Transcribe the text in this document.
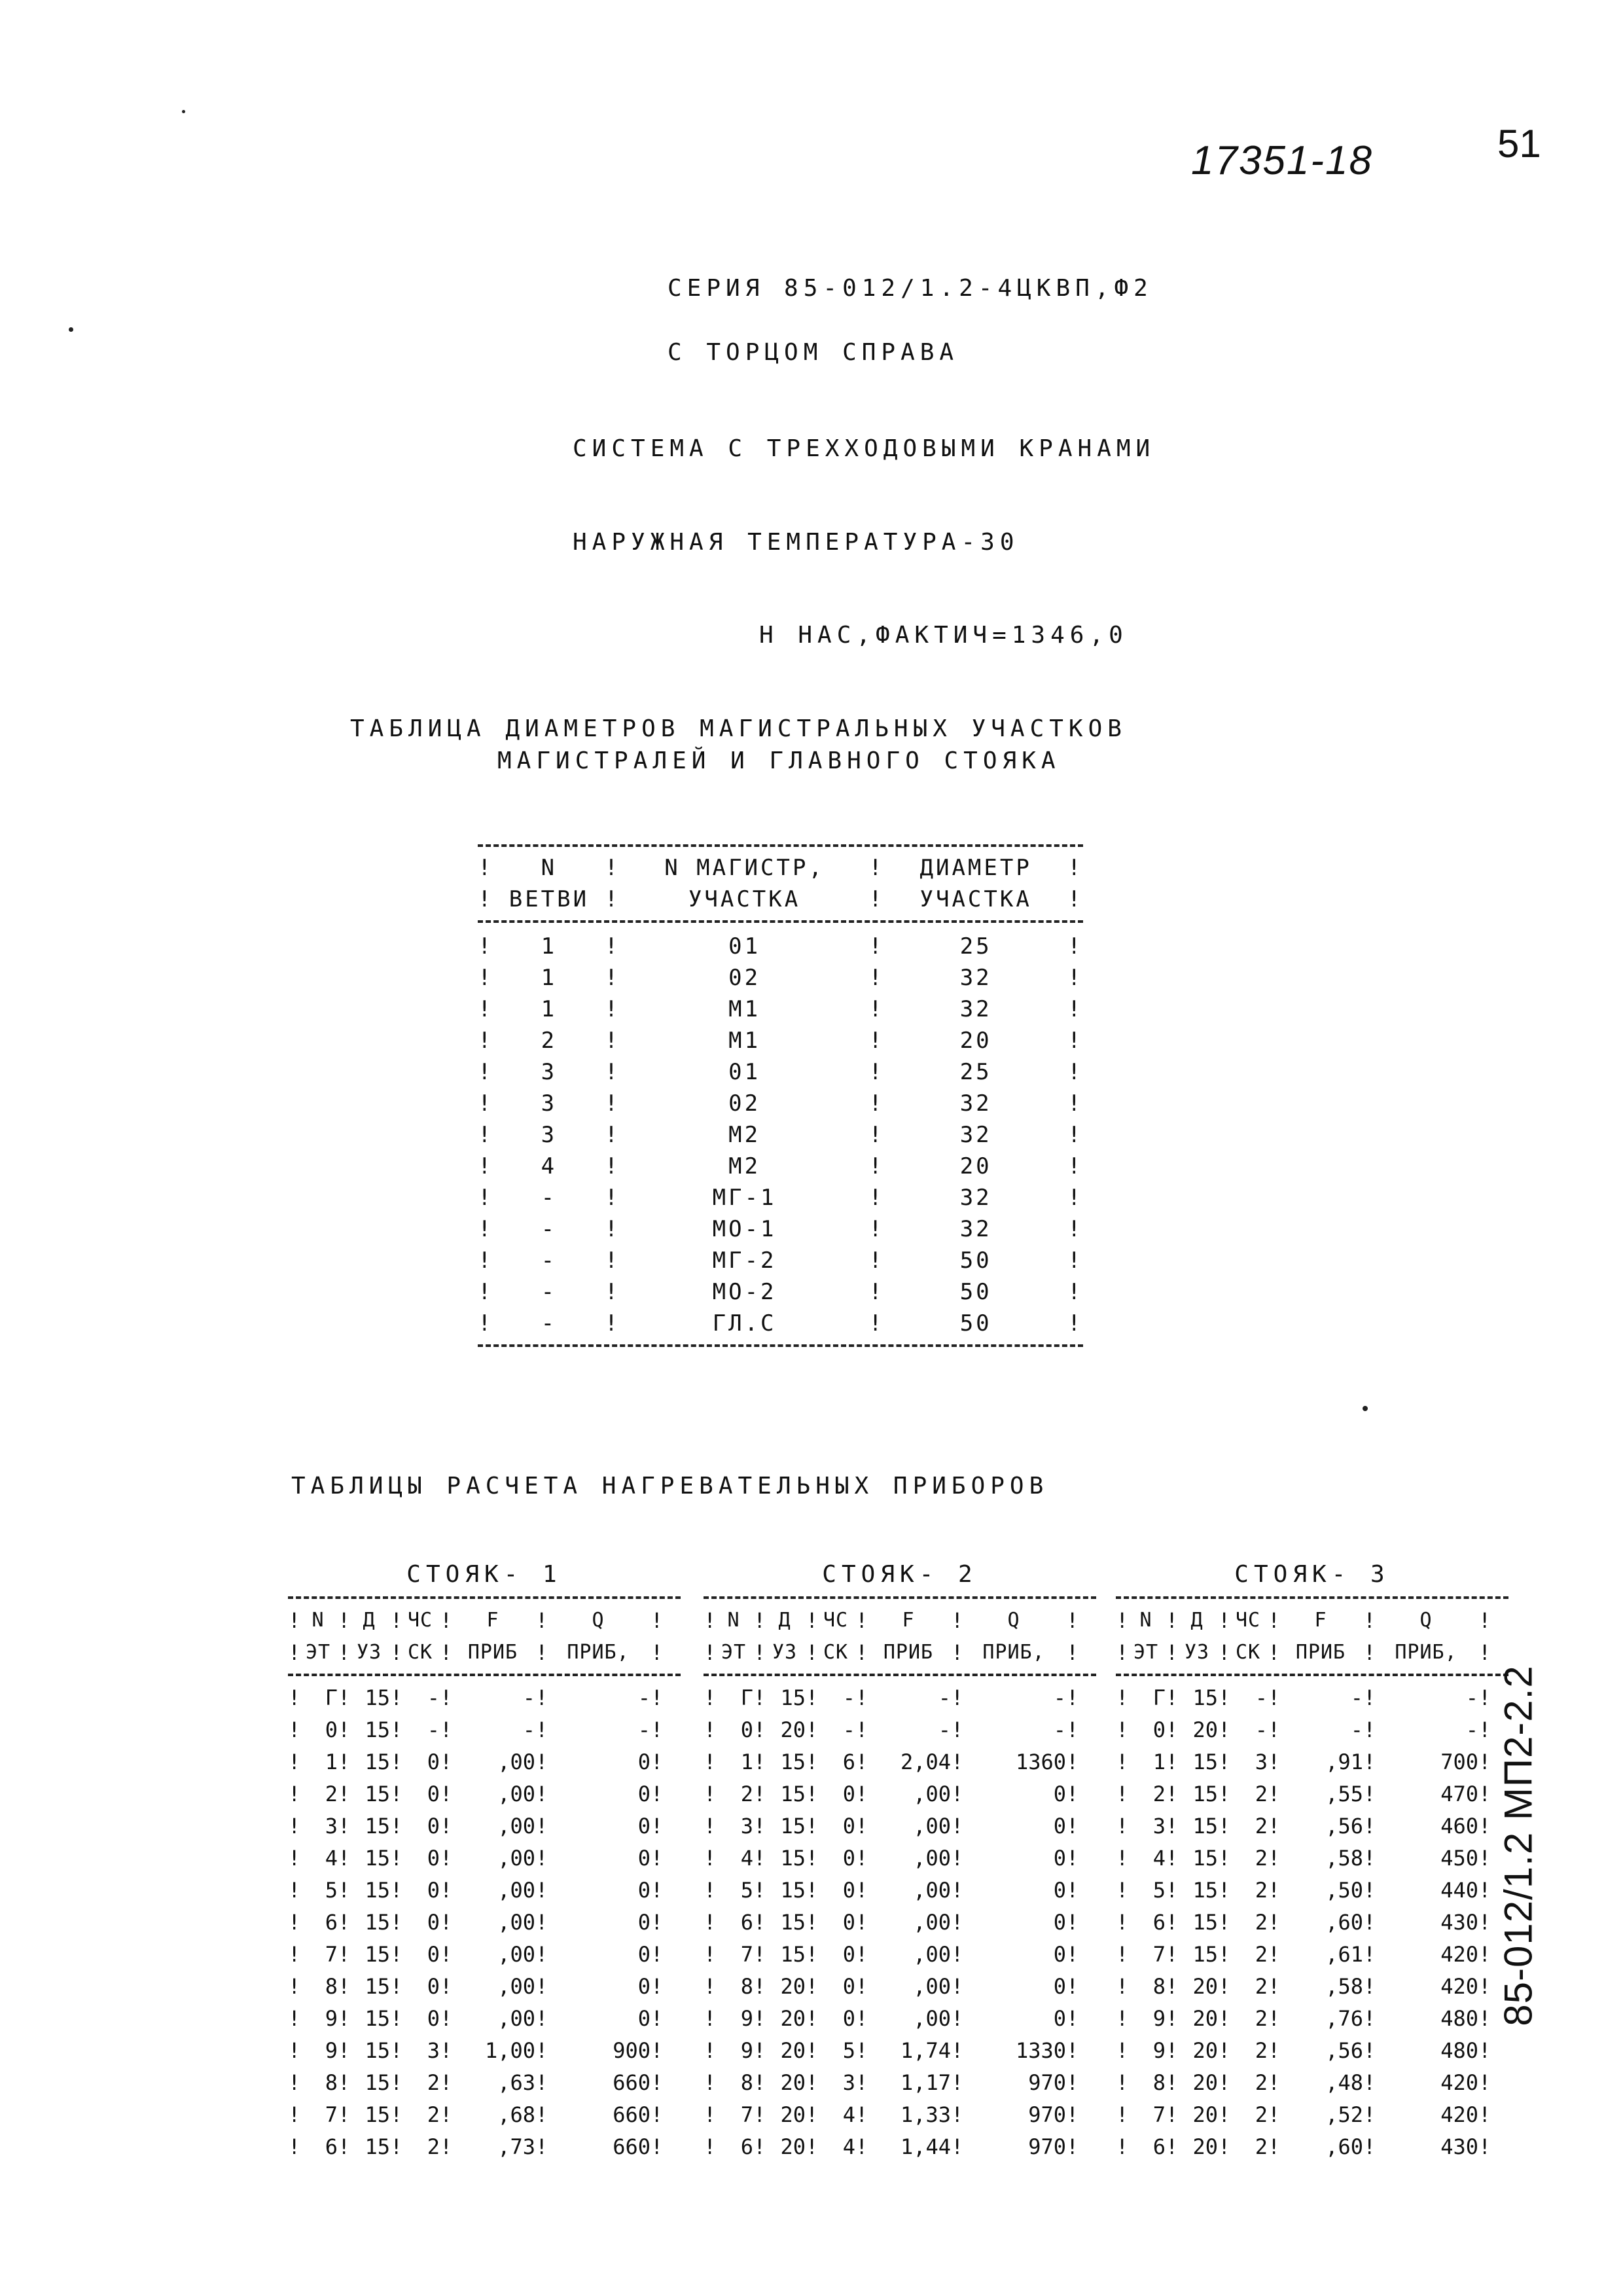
17351-18	51
СЕРИЯ 85-012/1.2-4ЦКВП,Ф2
С ТОРЦОМ СПРАВА
СИСТЕМА С ТРЕХХОДОВЫМИ КРАНАМИ
НАРУЖНАЯ ТЕМПЕРАТУРА-30
Н НАС,ФАКТИЧ=1346,0
ТАБЛИЦА ДИАМЕТРОВ МАГИСТРАЛЬНЫХ УЧАСТКОВ
МАГИСТРАЛЕЙ И ГЛАВНОГО СТОЯКА
!	N	!	N МАГИСТР,	!	ДИАМЕТР	!
! ВЕТВИ !	УЧАСТКА	!	УЧАСТКА	!
!	1	!	01	!	25	!
!	1	!	02	!	32	!
!	1	!	М1	!	32	!
!	2	!	М1	!	20	!
!	3	!	01	!	25	!
!	3	!	02	!	32	!
!	3	!	М2	!	32	!
!	4	!	М2	!	20	!
!	-	!	МГ-1	!	32	!
!	-	!	МО-1	!	32	!
!	-	!	МГ-2	!	50	!
!	-	!	МО-2	!	50	!
!	-	!	ГЛ.С	!	50	!
ТАБЛИЦЫ РАСЧЕТА НАГРЕВАТЕЛЬНЫХ ПРИБОРОВ
СТОЯК- 1
! N ! Д ! ЧС !	F	!	Q	!
! ЭТ ! УЗ ! СК ! ПРИБ ! ПРИБ,	!
!	Г ! 15 !	- !	- !	- !
!	0 ! 15 !	- !	- !	- !
!	1 ! 15 !	0 !	,00 !	0 !
!	2 ! 15 !	0 !	,00 !	0 !
!	3 ! 15 !	0 !	,00 !	0 !
!	4 ! 15 !	0 !	,00 !	0 !
!	5 ! 15 !	0 !	,00 !	0 !
!	6 ! 15 !	0 !	,00 !	0 !
!	7 ! 15 !	0 !	,00 !	0 !
!	8 ! 15 !	0 !	,00 !	0 !
!	9 ! 15 !	0 !	,00 !	0 !
!	9 ! 15 !	3 !	1,00 !	900 !
!	8 ! 15 !	2 !	,63 !	660 !
!	7 ! 15 !	2 !	,68 !	660 !
!	6 ! 15 !	2 !	,73 !	660 !
СТОЯК- 2
! N ! Д ! ЧС !	F	!	Q	!
! ЭТ ! УЗ ! СК ! ПРИБ ! ПРИБ,	!
!	Г ! 15 !	- !	- !	- !
!	0 ! 20 !	- !	- !	- !
!	1 ! 15 !	6 !	2,04 !	1360 !
!	2 ! 15 !	0 !	,00 !	0 !
!	3 ! 15 !	0 !	,00 !	0 !
!	4 ! 15 !	0 !	,00 !	0 !
!	5 ! 15 !	0 !	,00 !	0 !
!	6 ! 15 !	0 !	,00 !	0 !
!	7 ! 15 !	0 !	,00 !	0 !
!	8 ! 20 !	0 !	,00 !	0 !
!	9 ! 20 !	0 !	,00 !	0 !
!	9 ! 20 !	5 !	1,74 !	1330 !
!	8 ! 20 !	3 !	1,17 !	970 !
!	7 ! 20 !	4 !	1,33 !	970 !
!	6 ! 20 !	4 !	1,44 !	970 !
СТОЯК- 3
! N ! Д ! ЧС !	F	!	Q	!
! ЭТ ! УЗ ! СК ! ПРИБ ! ПРИБ,	!
!	Г ! 15 !	- !	- !	- !
!	0 ! 20 !	- !	- !	- !
!	1 ! 15 !	3 !	,91 !	700 !
!	2 ! 15 !	2 !	,55 !	470 !
!	3 ! 15 !	2 !	,56 !	460 !
!	4 ! 15 !	2 !	,58 !	450 !
!	5 ! 15 !	2 !	,50 !	440 !
!	6 ! 15 !	2 !	,60 !	430 !
!	7 ! 15 !	2 !	,61 !	420 !
!	8 ! 20 !	2 !	,58 !	420 !
!	9 ! 20 !	2 !	,76 !	480 !
!	9 ! 20 !	2 !	,56 !	480 !
!	8 ! 20 !	2 !	,48 !	420 !
!	7 ! 20 !	2 !	,52 !	420 !
!	6 ! 20 !	2 !	,60 !	430 !
85-012/1.2 МП2-2.2
